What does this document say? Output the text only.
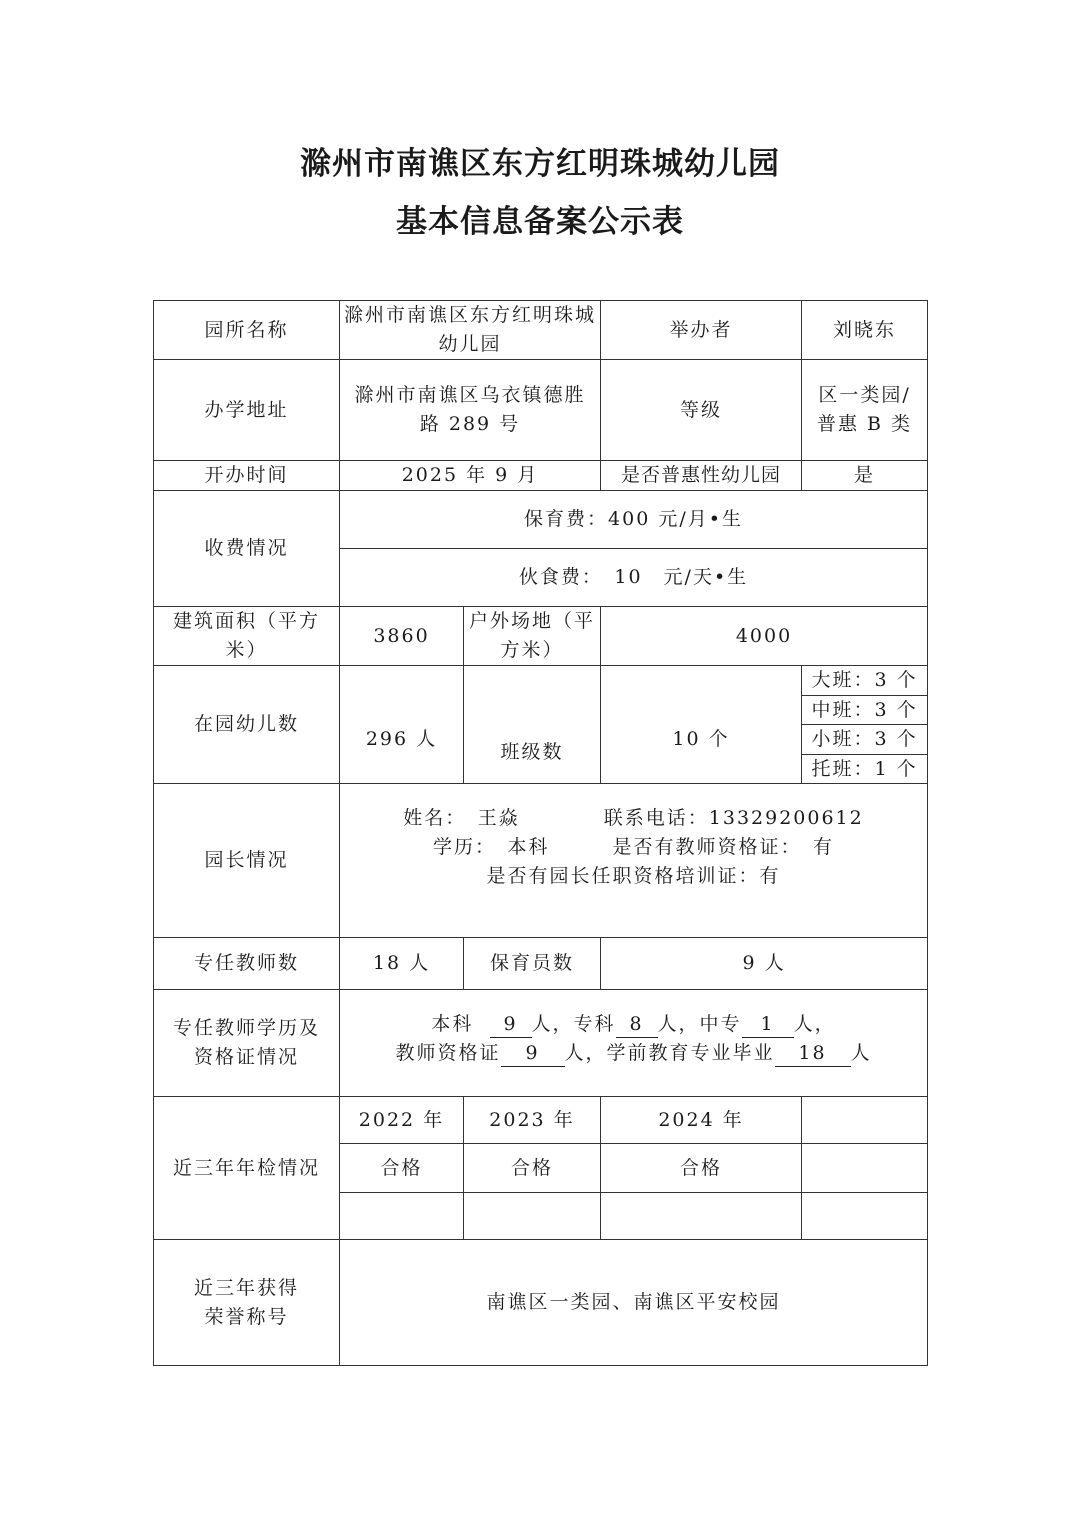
滁州市南谯区东方红明珠城幼儿园
基本信息备案公示表
园所名称	滁州市南谯区东方红明珠城幼儿园		举办者	刘晓东
办学地址	滁州市南谯区乌衣镇德胜路 289 号		等级	区一类园/普惠 B 类
开办时间	2025 年 9 月		是否普惠性幼儿园	是
收费情况	保育费：400 元/月•生
伙食费：　10　元/天•生			

建筑面积（平方米）	3860	户外场地（平方米）	4000	
在园幼儿数	296 人	班级数	10 个	大班：3 个
中班：3 个
小班：3 个
托班：1 个

园长情况	姓名：　王焱　　　　联系电话：13329200612
学历：　本科　　　是否有教师资格证：　有
是否有园长任职资格培训证：有			

专任教师数	18 人	保育员数	9 人	
专任教师学历及资格证情况	本科 9 人，专科 8 人，中专 1 人，
教师资格证 9 人，学前教育专业毕业 18 人			

近三年年检情况	2022 年	2023 年	2024 年	
	合格	合格	合格	

近三年获得荣誉称号	南谯区一类园、南谯区平安校园			
